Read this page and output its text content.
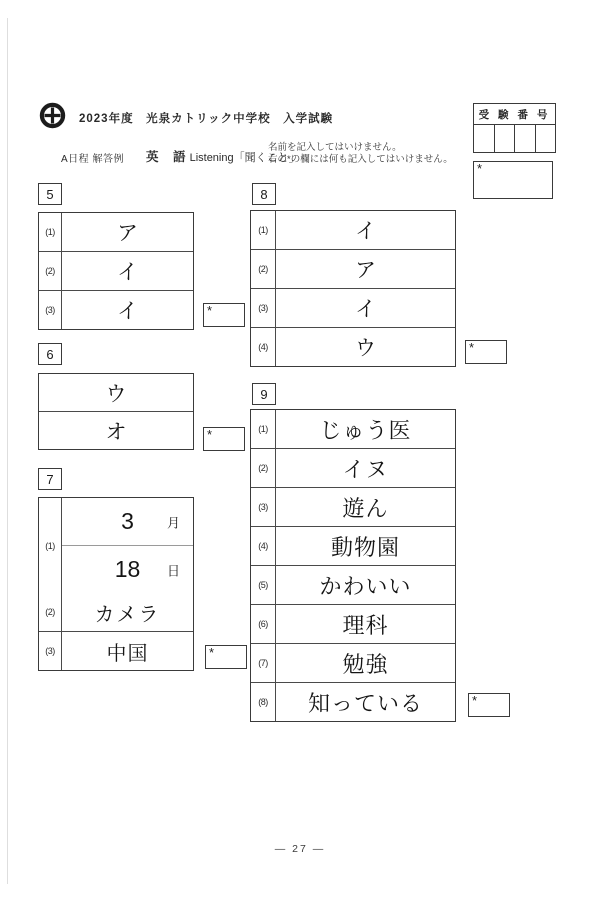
2023年度　光泉カトリック中学校　入学試験
A日程 解答例 英　語 Listening「聞くこと」
名前を記入してはいけません。
右の*の欄には何も記入してはいけません。
受 験 番 号
*
5
(1)	ア
(2)	イ
(3)	イ	*
6
ウ
オ	*
7
(1)
3	月
18 日
(2)	カメラ
(3)	中国	*
8
(1)	イ
(2)	ア
(3)	イ
(4)	ウ	*
9
(1)	じゅう医
(2)	イヌ
(3)	遊ん
(4)	動物園
(5)	かわいい
(6)	理科
(7)	勉強
(8)	知っている	*
— 27 —
